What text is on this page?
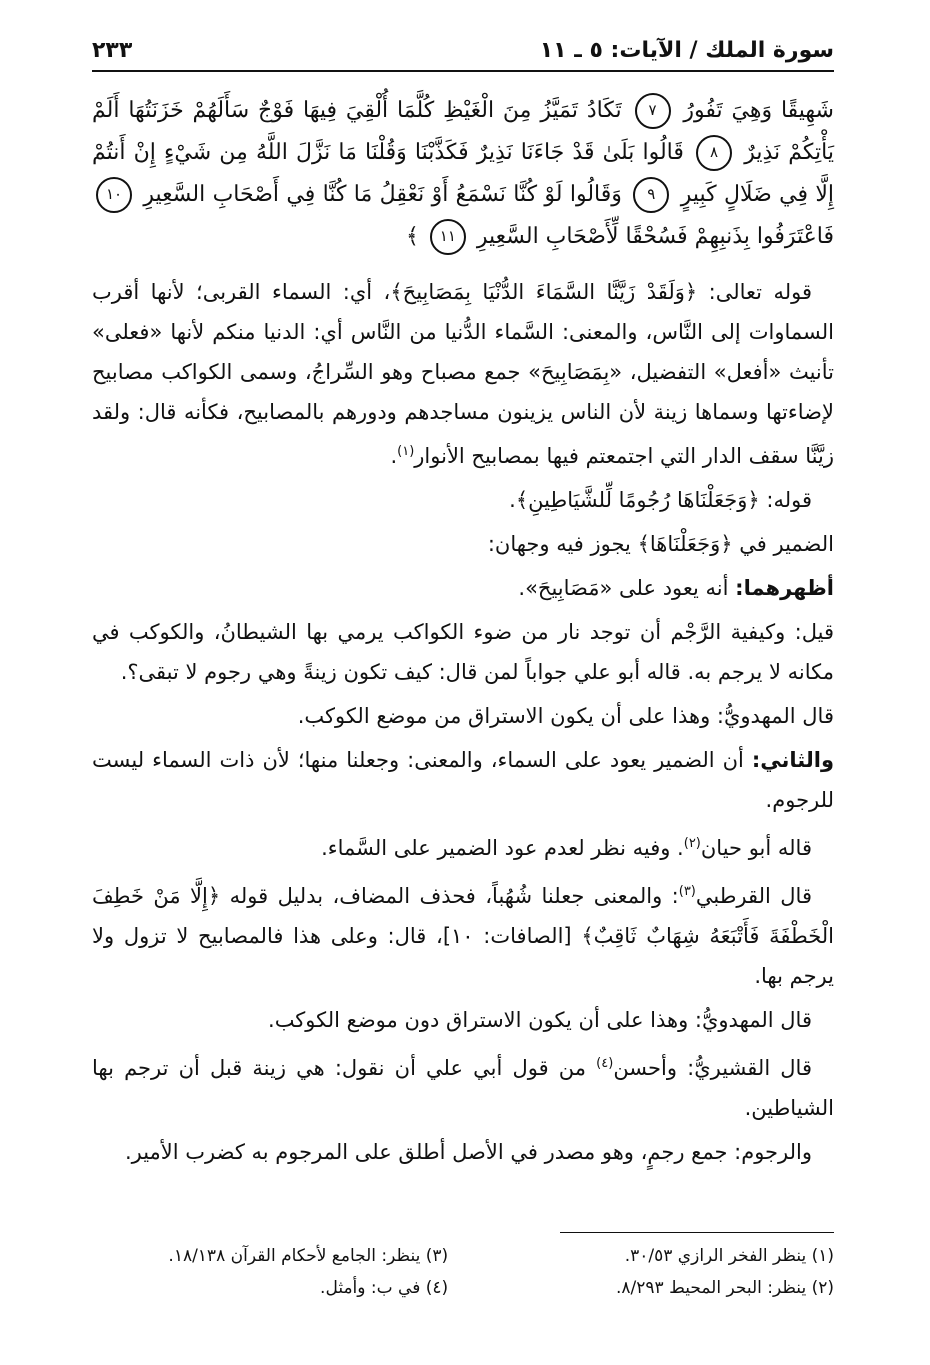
سورة الملك / الآيات: ٥ ـ ١١
٢٣٣
شَهِيقًا وَهِيَ تَفُورُ ٧ تَكَادُ تَمَيَّزُ مِنَ الْغَيْظِ كُلَّمَا أُلْقِيَ فِيهَا فَوْجٌ سَأَلَهُمْ خَزَنَتُهَا أَلَمْ يَأْتِكُمْ نَذِيرٌ ٨ قَالُوا بَلَىٰ قَدْ جَاءَنَا نَذِيرٌ فَكَذَّبْنَا وَقُلْنَا مَا نَزَّلَ اللَّهُ مِن شَيْءٍ إِنْ أَنتُمْ إِلَّا فِي ضَلَالٍ كَبِيرٍ ٩ وَقَالُوا لَوْ كُنَّا نَسْمَعُ أَوْ نَعْقِلُ مَا كُنَّا فِي أَصْحَابِ السَّعِيرِ ١٠ فَاعْتَرَفُوا بِذَنبِهِمْ فَسُحْقًا لِّأَصْحَابِ السَّعِيرِ ١١ ﴾

قوله تعالى: ﴿وَلَقَدْ زَيَّنَّا السَّمَاءَ الدُّنْيَا بِمَصَابِيحَ﴾، أي: السماء القربى؛ لأنها أقرب السماوات إلى النَّاس، والمعنى: السَّماء الدُّنيا من النَّاس أي: الدنيا منكم لأنها «فعلى» تأنيث «أفعل» التفضيل، «بِمَصَابِيحَ» جمع مصباح وهو السِّراجُ، وسمى الكواكب مصابيح لإضاءتها وسماها زينة لأن الناس يزينون مساجدهم ودورهم بالمصابيح، فكأنه قال: ولقد زيَّنَّا سقف الدار التي اجتمعتم فيها بمصابيح الأنوار$^{(١)}$.

قوله: ﴿وَجَعَلْنَاهَا رُجُومًا لِّلشَّيَاطِينِ﴾.

الضمير في ﴿وَجَعَلْنَاهَا﴾ يجوز فيه وجهان:

أظهرهما: أنه يعود على «مَصَابِيحَ».

قيل: وكيفية الرَّجْم أن توجد نار من ضوء الكواكب يرمي بها الشيطانُ، والكوكب في مكانه لا يرجم به. قاله أبو علي جواباً لمن قال: كيف تكون زينةً وهي رجوم لا تبقى؟.

قال المهدويُّ: وهذا على أن يكون الاستراق من موضع الكوكب.

والثاني: أن الضمير يعود على السماء، والمعنى: وجعلنا منها؛ لأن ذات السماء ليست للرجوم.

قاله أبو حيان$^{(٢)}$. وفيه نظر لعدم عود الضمير على السَّماء.

قال القرطبي$^{(٣)}$: والمعنى جعلنا شُهُباً، فحذف المضاف، بدليل قوله ﴿إِلَّا مَنْ خَطِفَ الْخَطْفَةَ فَأَتْبَعَهُ شِهَابٌ ثَاقِبٌ﴾ [الصافات: ١٠]، قال: وعلى هذا فالمصابيح لا تزول ولا يرجم بها.

قال المهدويُّ: وهذا على أن يكون الاستراق دون موضع الكوكب.

قال القشيريُّ: وأحسن$^{(٤)}$ من قول أبي علي أن نقول: هي زينة قبل أن ترجم بها الشياطين.

والرجوم: جمع رجمٍ، وهو مصدر في الأصل أطلق على المرجوم به كضرب الأمير.

(١) ينظر الفخر الرازي ٣٠/٥٣.
(٢) ينظر: البحر المحيط ٨/٢٩٣.
(٣) ينظر: الجامع لأحكام القرآن ١٨/١٣٨.
(٤) في ب: وأمثل.
